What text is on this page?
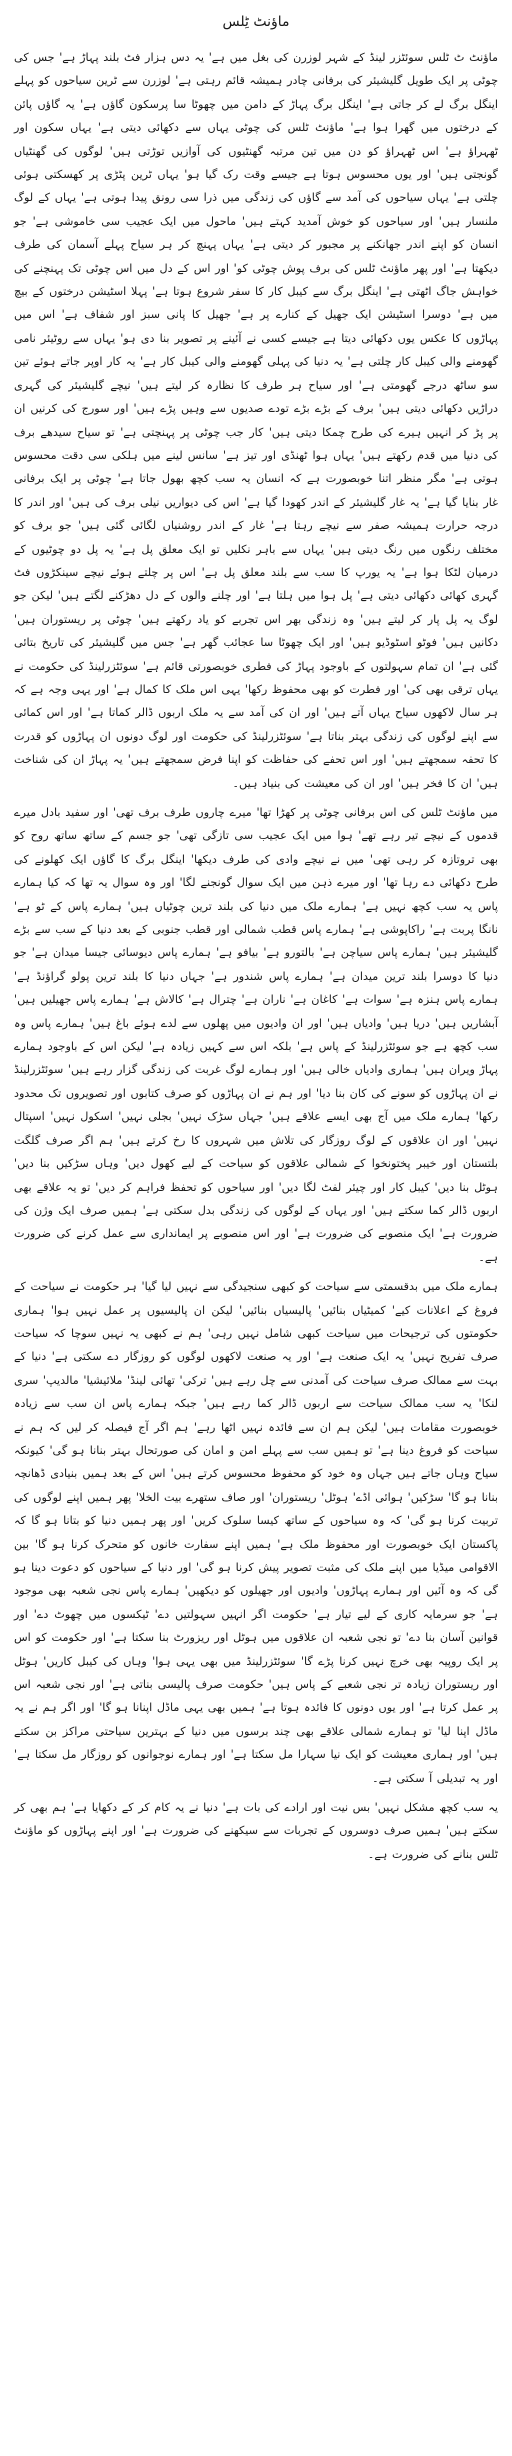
ماؤنٹ ٹِلس

ماؤنٹ ٹ ٹلس سوئٹزر لینڈ کے شہر لوزرن کی بغل میں ہے' یہ دس ہزار فٹ بلند پہاڑ ہے' جس کی چوٹی پر ایک طویل گلیشیئر کی برفانی چادر ہمیشہ قائم رہتی ہے' لوزرن سے ٹرین سیاحوں کو پہلے اینگل برگ لے کر جاتی ہے' اینگل برگ پہاڑ کے دامن میں چھوٹا سا پرسکون گاؤں ہے' یہ گاؤں پائن کے درختوں میں گھرا ہوا ہے' ماؤنٹ ٹلس کی چوٹی یہاں سے دکھائی دیتی ہے' یہاں سکون اور ٹھہراؤ ہے' اس ٹھہراؤ کو دن میں تین مرتبہ گھنٹیوں کی آوازیں توڑتی ہیں' لوگوں کی گھنٹیاں گونجتی ہیں' اور یوں محسوس ہوتا ہے جیسے وقت رک گیا ہو' یہاں ٹرین پٹڑی پر کھسکتی ہوئی چلتی ہے' یہاں سیاحوں کی آمد سے گاؤں کی زندگی میں ذرا سی رونق پیدا ہوتی ہے' یہاں کے لوگ ملنسار ہیں' اور سیاحوں کو خوش آمدید کہتے ہیں' ماحول میں ایک عجیب سی خاموشی ہے' جو انسان کو اپنے اندر جھانکنے پر مجبور کر دیتی ہے' یہاں پہنچ کر ہر سیاح پہلے آسمان کی طرف دیکھتا ہے' اور پھر ماؤنٹ ٹلس کی برف پوش چوٹی کو' اور اس کے دل میں اس چوٹی تک پہنچنے کی خواہش جاگ اٹھتی ہے' اینگل برگ سے کیبل کار کا سفر شروع ہوتا ہے' پہلا اسٹیشن درختوں کے بیچ میں ہے' دوسرا اسٹیشن ایک جھیل کے کنارے پر ہے' جھیل کا پانی سبز اور شفاف ہے' اس میں پہاڑوں کا عکس یوں دکھائی دیتا ہے جیسے کسی نے آئینے پر تصویر بنا دی ہو' یہاں سے روٹیئر نامی گھومنے والی کیبل کار چلتی ہے' یہ دنیا کی پہلی گھومنے والی کیبل کار ہے' یہ کار اوپر جاتے ہوئے تین سو ساٹھ درجے گھومتی ہے' اور سیاح ہر طرف کا نظارہ کر لیتے ہیں' نیچے گلیشیئر کی گہری دراڑیں دکھائی دیتی ہیں' برف کے بڑے بڑے تودے صدیوں سے وہیں پڑے ہیں' اور سورج کی کرنیں ان پر پڑ کر انہیں ہیرے کی طرح چمکا دیتی ہیں' کار جب چوٹی پر پہنچتی ہے' تو سیاح سیدھے برف کی دنیا میں قدم رکھتے ہیں' یہاں ہوا ٹھنڈی اور تیز ہے' سانس لینے میں ہلکی سی دقت محسوس ہوتی ہے' مگر منظر اتنا خوبصورت ہے کہ انسان یہ سب کچھ بھول جاتا ہے' چوٹی پر ایک برفانی غار بنایا گیا ہے' یہ غار گلیشیئر کے اندر کھودا گیا ہے' اس کی دیواریں نیلی برف کی ہیں' اور اندر کا درجہ حرارت ہمیشہ صفر سے نیچے رہتا ہے' غار کے اندر روشنیاں لگائی گئی ہیں' جو برف کو مختلف رنگوں میں رنگ دیتی ہیں' یہاں سے باہر نکلیں تو ایک معلق پل ہے' یہ پل دو چوٹیوں کے درمیان لٹکا ہوا ہے' یہ یورپ کا سب سے بلند معلق پل ہے' اس پر چلتے ہوئے نیچے سینکڑوں فٹ گہری کھائی دکھائی دیتی ہے' پل ہوا میں ہلتا ہے' اور چلنے والوں کے دل دھڑکنے لگتے ہیں' لیکن جو لوگ یہ پل پار کر لیتے ہیں' وہ زندگی بھر اس تجربے کو یاد رکھتے ہیں' چوٹی پر ریستوران ہیں' دکانیں ہیں' فوٹو اسٹوڈیو ہیں' اور ایک چھوٹا سا عجائب گھر ہے' جس میں گلیشیئر کی تاریخ بتائی گئی ہے' ان تمام سہولتوں کے باوجود پہاڑ کی فطری خوبصورتی قائم ہے' سوئٹزرلینڈ کی حکومت نے یہاں ترقی بھی کی' اور فطرت کو بھی محفوظ رکھا' یہی اس ملک کا کمال ہے' اور یہی وجہ ہے کہ ہر سال لاکھوں سیاح یہاں آتے ہیں' اور ان کی آمد سے یہ ملک اربوں ڈالر کماتا ہے' اور اس کمائی سے اپنے لوگوں کی زندگی بہتر بناتا ہے' سوئٹزرلینڈ کی حکومت اور لوگ دونوں ان پہاڑوں کو قدرت کا تحفہ سمجھتے ہیں' اور اس تحفے کی حفاظت کو اپنا فرض سمجھتے ہیں' یہ پہاڑ ان کی شناخت ہیں' ان کا فخر ہیں' اور ان کی معیشت کی بنیاد ہیں۔

میں ماؤنٹ ٹلس کی اس برفانی چوٹی پر کھڑا تھا' میرے چاروں طرف برف تھی' اور سفید بادل میرے قدموں کے نیچے تیر رہے تھے' ہوا میں ایک عجیب سی تازگی تھی' جو جسم کے ساتھ ساتھ روح کو بھی تروتازہ کر رہی تھی' میں نے نیچے وادی کی طرف دیکھا' اینگل برگ کا گاؤں ایک کھلونے کی طرح دکھائی دے رہا تھا' اور میرے ذہن میں ایک سوال گونجنے لگا' اور وہ سوال یہ تھا کہ کیا ہمارے پاس یہ سب کچھ نہیں ہے' ہمارے ملک میں دنیا کی بلند ترین چوٹیاں ہیں' ہمارے پاس کے ٹو ہے' نانگا پربت ہے' راکاپوشی ہے' ہمارے پاس قطب شمالی اور قطب جنوبی کے بعد دنیا کے سب سے بڑے گلیشیئر ہیں' ہمارے پاس سیاچن ہے' بالتورو ہے' بیافو ہے' ہمارے پاس دیوسائی جیسا میدان ہے' جو دنیا کا دوسرا بلند ترین میدان ہے' ہمارے پاس شندور ہے' جہاں دنیا کا بلند ترین پولو گراؤنڈ ہے' ہمارے پاس ہنزہ ہے' سوات ہے' کاغان ہے' ناران ہے' چترال ہے' کالاش ہے' ہمارے پاس جھیلیں ہیں' آبشاریں ہیں' دریا ہیں' وادیاں ہیں' اور ان وادیوں میں پھلوں سے لدے ہوئے باغ ہیں' ہمارے پاس وہ سب کچھ ہے جو سوئٹزرلینڈ کے پاس ہے' بلکہ اس سے کہیں زیادہ ہے' لیکن اس کے باوجود ہمارے پہاڑ ویران ہیں' ہماری وادیاں خالی ہیں' اور ہمارے لوگ غربت کی زندگی گزار رہے ہیں' سوئٹزرلینڈ نے ان پہاڑوں کو سونے کی کان بنا دیا' اور ہم نے ان پہاڑوں کو صرف کتابوں اور تصویروں تک محدود رکھا' ہمارے ملک میں آج بھی ایسے علاقے ہیں' جہاں سڑک نہیں' بجلی نہیں' اسکول نہیں' اسپتال نہیں' اور ان علاقوں کے لوگ روزگار کی تلاش میں شہروں کا رخ کرتے ہیں' ہم اگر صرف گلگت بلتستان اور خیبر پختونخوا کے شمالی علاقوں کو سیاحت کے لیے کھول دیں' وہاں سڑکیں بنا دیں' ہوٹل بنا دیں' کیبل کار اور چیئر لفٹ لگا دیں' اور سیاحوں کو تحفظ فراہم کر دیں' تو یہ علاقے بھی اربوں ڈالر کما سکتے ہیں' اور یہاں کے لوگوں کی زندگی بدل سکتی ہے' ہمیں صرف ایک وژن کی ضرورت ہے' ایک منصوبے کی ضرورت ہے' اور اس منصوبے پر ایمانداری سے عمل کرنے کی ضرورت ہے۔

ہمارے ملک میں بدقسمتی سے سیاحت کو کبھی سنجیدگی سے نہیں لیا گیا' ہر حکومت نے سیاحت کے فروغ کے اعلانات کیے' کمیٹیاں بنائیں' پالیسیاں بنائیں' لیکن ان پالیسیوں پر عمل نہیں ہوا' ہماری حکومتوں کی ترجیحات میں سیاحت کبھی شامل نہیں رہی' ہم نے کبھی یہ نہیں سوچا کہ سیاحت صرف تفریح نہیں' یہ ایک صنعت ہے' اور یہ صنعت لاکھوں لوگوں کو روزگار دے سکتی ہے' دنیا کے بہت سے ممالک صرف سیاحت کی آمدنی سے چل رہے ہیں' ترکی' تھائی لینڈ' ملائیشیا' مالدیپ' سری لنکا' یہ سب ممالک سیاحت سے اربوں ڈالر کما رہے ہیں' جبکہ ہمارے پاس ان سب سے زیادہ خوبصورت مقامات ہیں' لیکن ہم ان سے فائدہ نہیں اٹھا رہے' ہم اگر آج فیصلہ کر لیں کہ ہم نے سیاحت کو فروغ دینا ہے' تو ہمیں سب سے پہلے امن و امان کی صورتحال بہتر بنانا ہو گی' کیونکہ سیاح وہاں جاتے ہیں جہاں وہ خود کو محفوظ محسوس کرتے ہیں' اس کے بعد ہمیں بنیادی ڈھانچہ بنانا ہو گا' سڑکیں' ہوائی اڈے' ہوٹل' ریستوران' اور صاف ستھرے بیت الخلا' پھر ہمیں اپنے لوگوں کی تربیت کرنا ہو گی' کہ وہ سیاحوں کے ساتھ کیسا سلوک کریں' اور پھر ہمیں دنیا کو بتانا ہو گا کہ پاکستان ایک خوبصورت اور محفوظ ملک ہے' ہمیں اپنے سفارت خانوں کو متحرک کرنا ہو گا' بین الاقوامی میڈیا میں اپنے ملک کی مثبت تصویر پیش کرنا ہو گی' اور دنیا کے سیاحوں کو دعوت دینا ہو گی کہ وہ آئیں اور ہمارے پہاڑوں' وادیوں اور جھیلوں کو دیکھیں' ہمارے پاس نجی شعبہ بھی موجود ہے' جو سرمایہ کاری کے لیے تیار ہے' حکومت اگر انہیں سہولتیں دے' ٹیکسوں میں چھوٹ دے' اور قوانین آسان بنا دے' تو نجی شعبہ ان علاقوں میں ہوٹل اور ریزورٹ بنا سکتا ہے' اور حکومت کو اس پر ایک روپیہ بھی خرچ نہیں کرنا پڑے گا' سوئٹزرلینڈ میں بھی یہی ہوا' وہاں کی کیبل کاریں' ہوٹل اور ریستوران زیادہ تر نجی شعبے کے پاس ہیں' حکومت صرف پالیسی بناتی ہے' اور نجی شعبہ اس پر عمل کرتا ہے' اور یوں دونوں کا فائدہ ہوتا ہے' ہمیں بھی یہی ماڈل اپنانا ہو گا' اور اگر ہم نے یہ ماڈل اپنا لیا' تو ہمارے شمالی علاقے بھی چند برسوں میں دنیا کے بہترین سیاحتی مراکز بن سکتے ہیں' اور ہماری معیشت کو ایک نیا سہارا مل سکتا ہے' اور ہمارے نوجوانوں کو روزگار مل سکتا ہے' اور یہ تبدیلی آ سکتی ہے۔

یہ سب کچھ مشکل نہیں' بس نیت اور ارادے کی بات ہے' دنیا نے یہ کام کر کے دکھایا ہے' ہم بھی کر سکتے ہیں' ہمیں صرف دوسروں کے تجربات سے سیکھنے کی ضرورت ہے' اور اپنے پہاڑوں کو ماؤنٹ ٹلس بنانے کی ضرورت ہے۔
